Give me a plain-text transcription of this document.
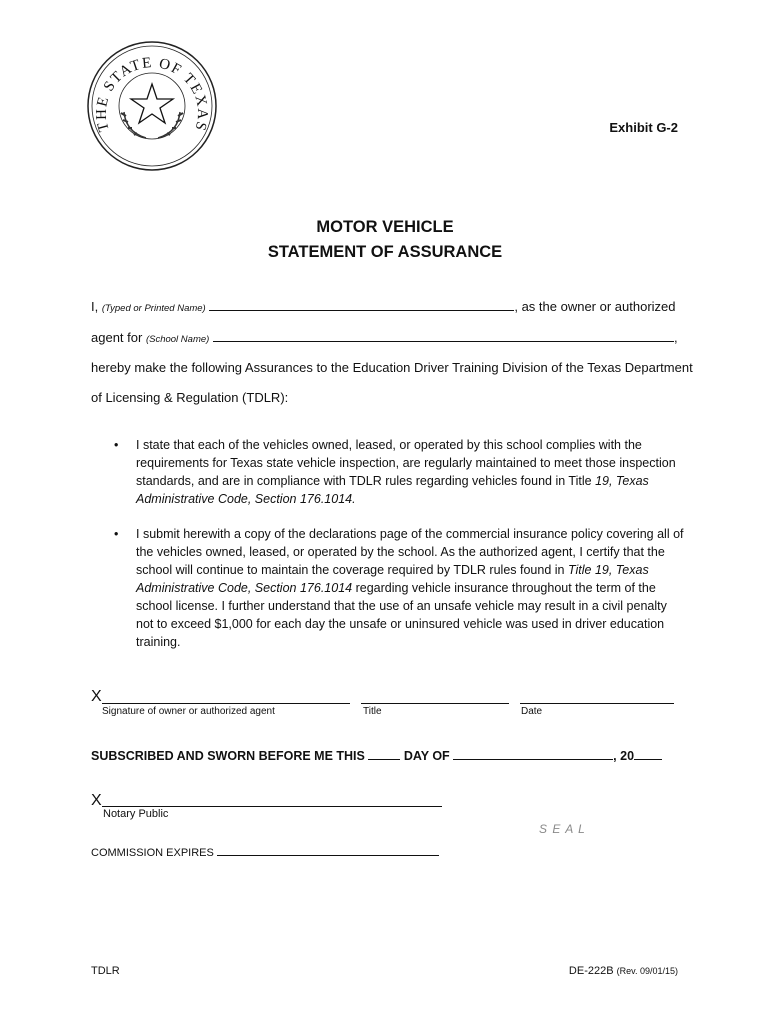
THE STATE OF TEXAS	Exhibit G-2
MOTOR VEHICLE
STATEMENT OF ASSURANCE
I, (Typed or Printed Name)	, as the owner or authorized
agent for (School Name)	,
hereby make the following Assurances to the Education Driver Training Division of the Texas Department
of Licensing & Regulation (TDLR):

• I state that each of the vehicles owned, leased, or operated by this school complies with the requirements for Texas state vehicle inspection, are regularly maintained to meet those inspection standards, and are in compliance with TDLR rules regarding vehicles found in Title 19, Texas Administrative Code, Section 176.1014.

• I submit herewith a copy of the declarations page of the commercial insurance policy covering all of the vehicles owned, leased, or operated by the school. As the authorized agent, I certify that the school will continue to maintain the coverage required by TDLR rules found in Title 19, Texas Administrative Code, Section 176.1014 regarding vehicle insurance throughout the term of the school license. I further understand that the use of an unsafe vehicle may result in a civil penalty not to exceed $1,000 for each day the unsafe or uninsured vehicle was used in driver education training.

X
Signature of owner or authorized agent	Title	Date
SUBSCRIBED AND SWORN BEFORE ME THIS	DAY OF	, 20
X
Notary Public
S E A L
COMMISSION EXPIRES
TDLR	DE-222B (Rev. 09/01/15)
